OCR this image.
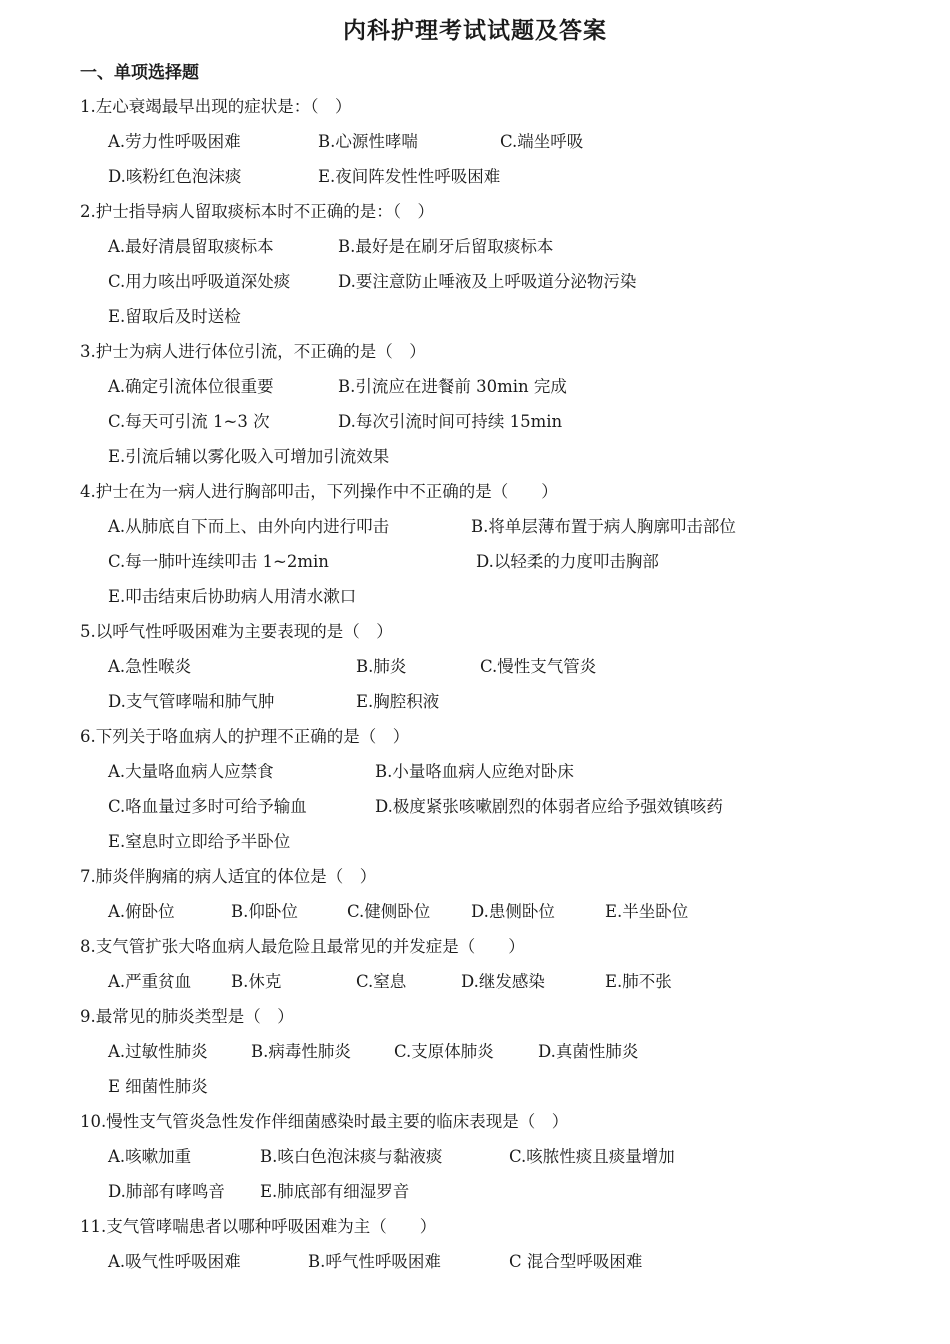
内科护理考试试题及答案
一、单项选择题
1.左心衰竭最早出现的症状是：（　）
A.劳力性呼吸困难	B.心源性哮喘	C.端坐呼吸
D.咳粉红色泡沫痰	E.夜间阵发性性呼吸困难
2.护士指导病人留取痰标本时不正确的是：（　）
A.最好清晨留取痰标本	B.最好是在刷牙后留取痰标本
C.用力咳出呼吸道深处痰	D.要注意防止唾液及上呼吸道分泌物污染
E.留取后及时送检
3.护士为病人进行体位引流，不正确的是（　）
A.确定引流体位很重要	B.引流应在进餐前 30min 完成
C.每天可引流 1~3 次	D.每次引流时间可持续 15min
E.引流后辅以雾化吸入可增加引流效果
4.护士在为一病人进行胸部叩击，下列操作中不正确的是（　　）
A.从肺底自下而上、由外向内进行叩击	B.将单层薄布置于病人胸廓叩击部位
C.每一肺叶连续叩击 1~2min	D.以轻柔的力度叩击胸部
E.叩击结束后协助病人用清水漱口
5.以呼气性呼吸困难为主要表现的是（　）
A.急性喉炎	B.肺炎	C.慢性支气管炎
D.支气管哮喘和肺气肿	E.胸腔积液
6.下列关于咯血病人的护理不正确的是（　）
A.大量咯血病人应禁食	B.小量咯血病人应绝对卧床
C.咯血量过多时可给予输血	D.极度紧张咳嗽剧烈的体弱者应给予强效镇咳药
E.窒息时立即给予半卧位
7.肺炎伴胸痛的病人适宜的体位是（　）
A.俯卧位	B.仰卧位	C.健侧卧位 D.患侧卧位	E.半坐卧位
8.支气管扩张大咯血病人最危险且最常见的并发症是（　　）
A.严重贫血 B.休克	C.窒息	D.继发感染	E.肺不张
9.最常见的肺炎类型是（　）
A.过敏性肺炎	B.病毒性肺炎	C.支原体肺炎	D.真菌性肺炎
E 细菌性肺炎
10.慢性支气管炎急性发作伴细菌感染时最主要的临床表现是（　）
A.咳嗽加重	B.咳白色泡沫痰与黏液痰	C.咳脓性痰且痰量增加
D.肺部有哮鸣音 E.肺底部有细湿罗音
11.支气管哮喘患者以哪种呼吸困难为主（　　）
A.吸气性呼吸困难	B.呼气性呼吸困难	C 混合型呼吸困难
